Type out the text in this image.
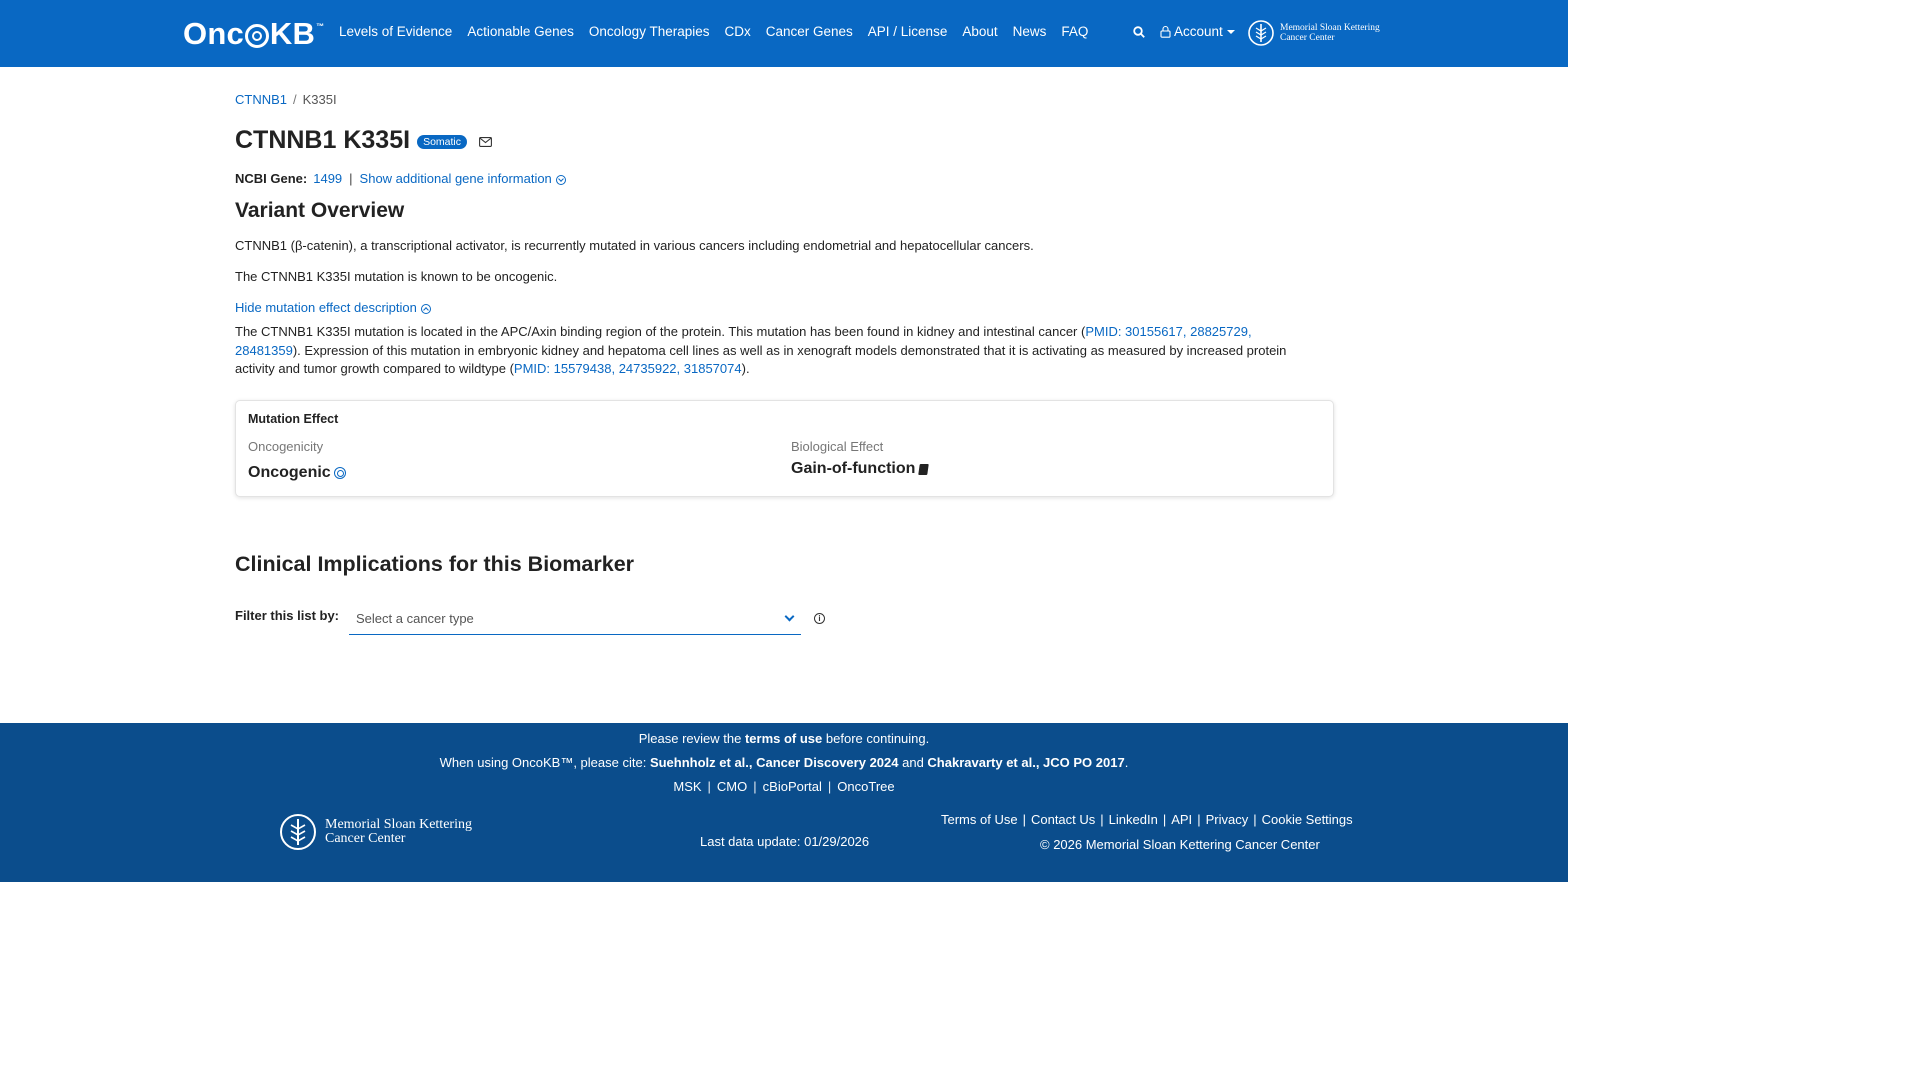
Onc KB ™ Levels of Evidence Actionable Genes Oncology Therapies CDx Cancer Genes API / License About News FAQ	Account	Memorial Sloan Kettering
Cancer Center
CTNNB1 / K335I
CTNNB1 K335I	Somatic
NCBI Gene: 1499 | Show additional gene information
Variant Overview
CTNNB1 (β-catenin), a transcriptional activator, is recurrently mutated in various cancers including endometrial and hepatocellular cancers.
The CTNNB1 K335I mutation is known to be oncogenic.
Hide mutation effect description
The CTNNB1 K335I mutation is located in the APC/Axin binding region of the protein. This mutation has been found in kidney and intestinal cancer (PMID: 30155617, 28825729, 28481359). Expression of this mutation in embryonic kidney and hepatoma cell lines as well as in xenograft models demonstrated that it is activating as measured by increased protein activity and tumor growth compared to wildtype (PMID: 15579438, 24735922, 31857074).
Mutation Effect
Oncogenicity
Oncogenic
Biological Effect
Gain-of-function
Clinical Implications for this Biomarker
Filter this list by:	Select a cancer type	i
Please review the terms of use before continuing.
When using OncoKB™, please cite: Suehnholz et al., Cancer Discovery 2024 and Chakravarty et al., JCO PO 2017.
MSK | CMO | cBioPortal | OncoTree
Memorial Sloan Kettering
Cancer Center	Last data update: 01/29/2026
Terms of Use | Contact Us | LinkedIn | API | Privacy | Cookie Settings
© 2026 Memorial Sloan Kettering Cancer Center
